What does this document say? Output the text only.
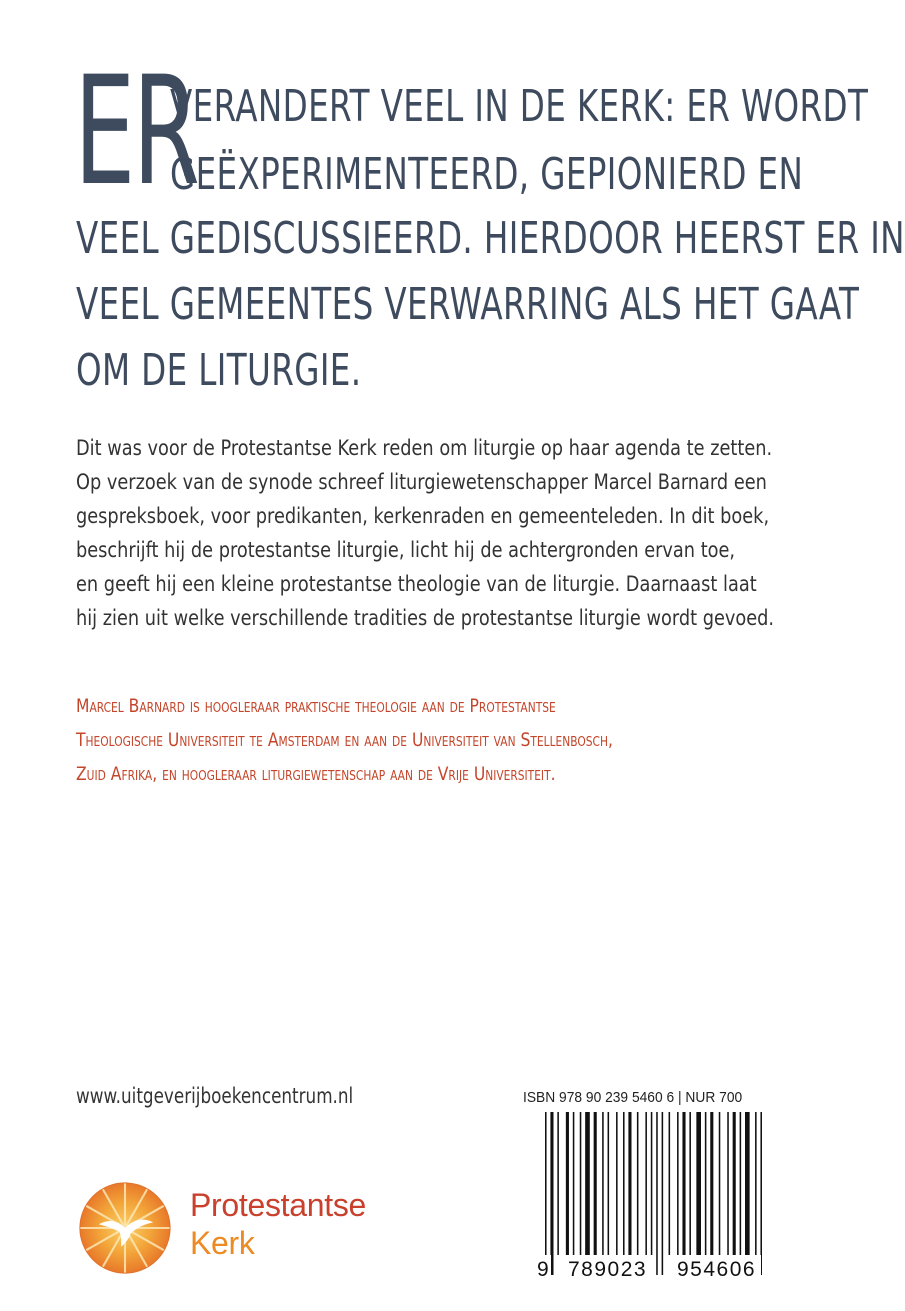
ER
VERANDERT VEEL IN DE KERK: ER WORDT
GEËXPERIMENTEERD, GEPIONIERD EN
VEEL GEDISCUSSIEERD. HIERDOOR HEERST ER IN
VEEL GEMEENTES VERWARRING ALS HET GAAT
OM DE LITURGIE.
Dit was voor de Protestantse Kerk reden om liturgie op haar agenda te zetten.
Op verzoek van de synode schreef liturgiewetenschapper Marcel Barnard een
gespreksboek, voor predikanten, kerkenraden en gemeenteleden. In dit boek,
beschrijft hij de protestantse liturgie, licht hij de achtergronden ervan toe,
en geeft hij een kleine protestantse theologie van de liturgie. Daarnaast laat
hij zien uit welke verschillende tradities de protestantse liturgie wordt gevoed.
Marcel Barnard is hoogleraar praktische theologie aan de Protestantse
Theologische Universiteit te Amsterdam en aan de Universiteit van Stellenbosch,
Zuid Afrika, en hoogleraar liturgiewetenschap aan de Vrije Universiteit.
www.uitgeverijboekencentrum.nl	ISBN 978 90 239 5460 6 | NUR 700
9 789023 954606
Protestantse
Kerk
